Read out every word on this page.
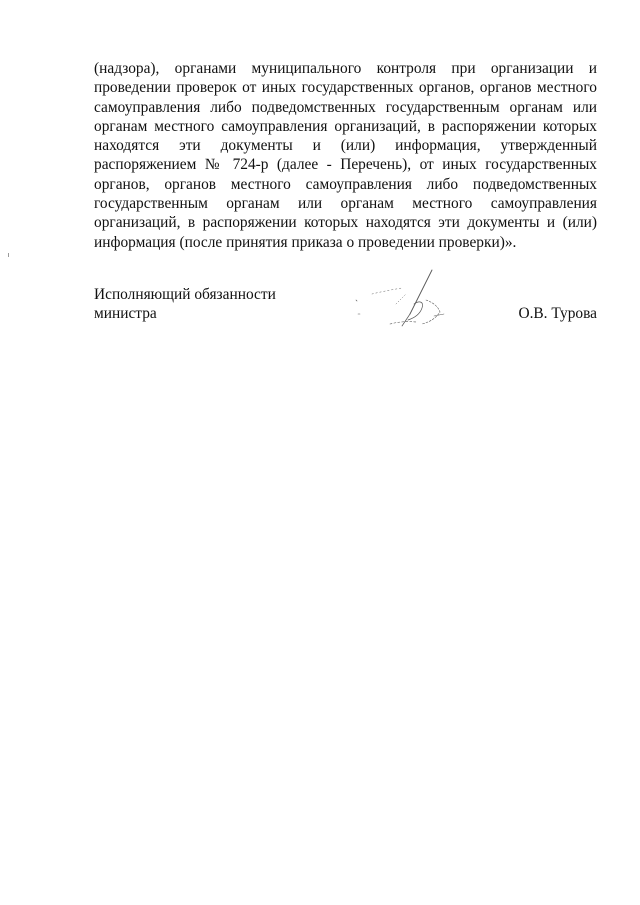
(надзора), органами муниципального контроля при организации и проведении проверок от иных государственных органов, органов местного самоуправления либо подведомственных государственным органам или органам местного самоуправления организаций, в распоряжении которых находятся эти документы и (или) информация, утвержденный распоряжением № 724-р (далее - Перечень), от иных государственных органов, органов местного самоуправления либо подведомственных государственным органам или органам местного самоуправления организаций, в распоряжении которых находятся эти документы и (или) информация (после принятия приказа о проведении проверки)».
Исполняющий обязанности
министра	О.В. Турова
